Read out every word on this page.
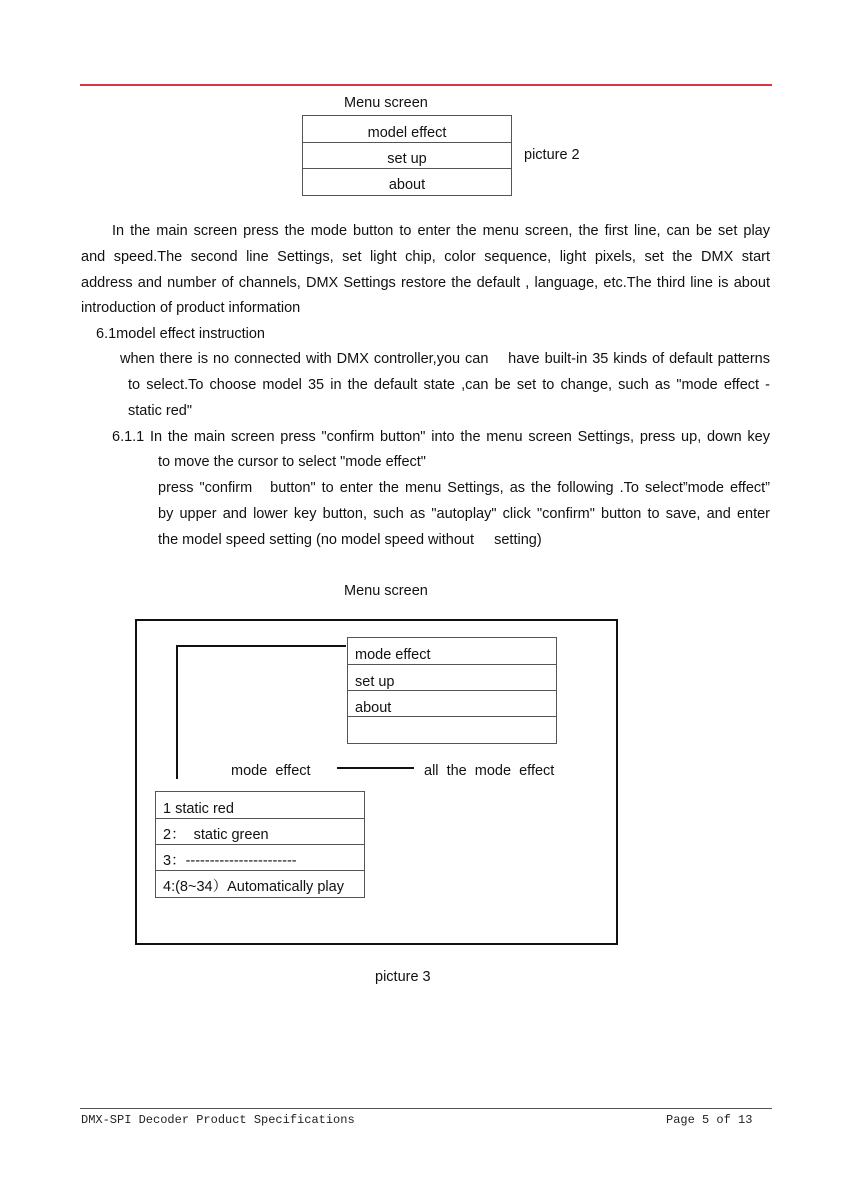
Menu screen
model effect
set up
about
picture 2
In the main screen press the mode button to enter the menu screen, the first line, can be set play
and speed.The second line Settings, set light chip, color sequence, light pixels, set the DMX start
address and number of channels, DMX Settings restore the default , language, etc.The third line is about
introduction of product information
6.1model effect instruction
when there is no connected with DMX controller,you can    have built-in 35 kinds of default patterns
to select.To choose model 35 in the default state ,can be set to change, such as "mode effect -
static red"
6.1.1 In the main screen press "confirm button" into the menu screen Settings, press up, down key
to move the cursor to select "mode effect"
press "confirm   button" to enter the menu Settings, as the following .To select”mode effect”
by upper and lower key button, such as "autoplay" click "confirm" button to save, and enter
the model speed setting (no model speed without     setting)
Menu screen
mode effect
set up
about
mode  effect	all  the  mode  effect
1 static red
2：  static green
3：-----------------------
4:(8~34）Automatically play
picture 3
DMX-SPI Decoder Product Specifications	Page 5 of 13
